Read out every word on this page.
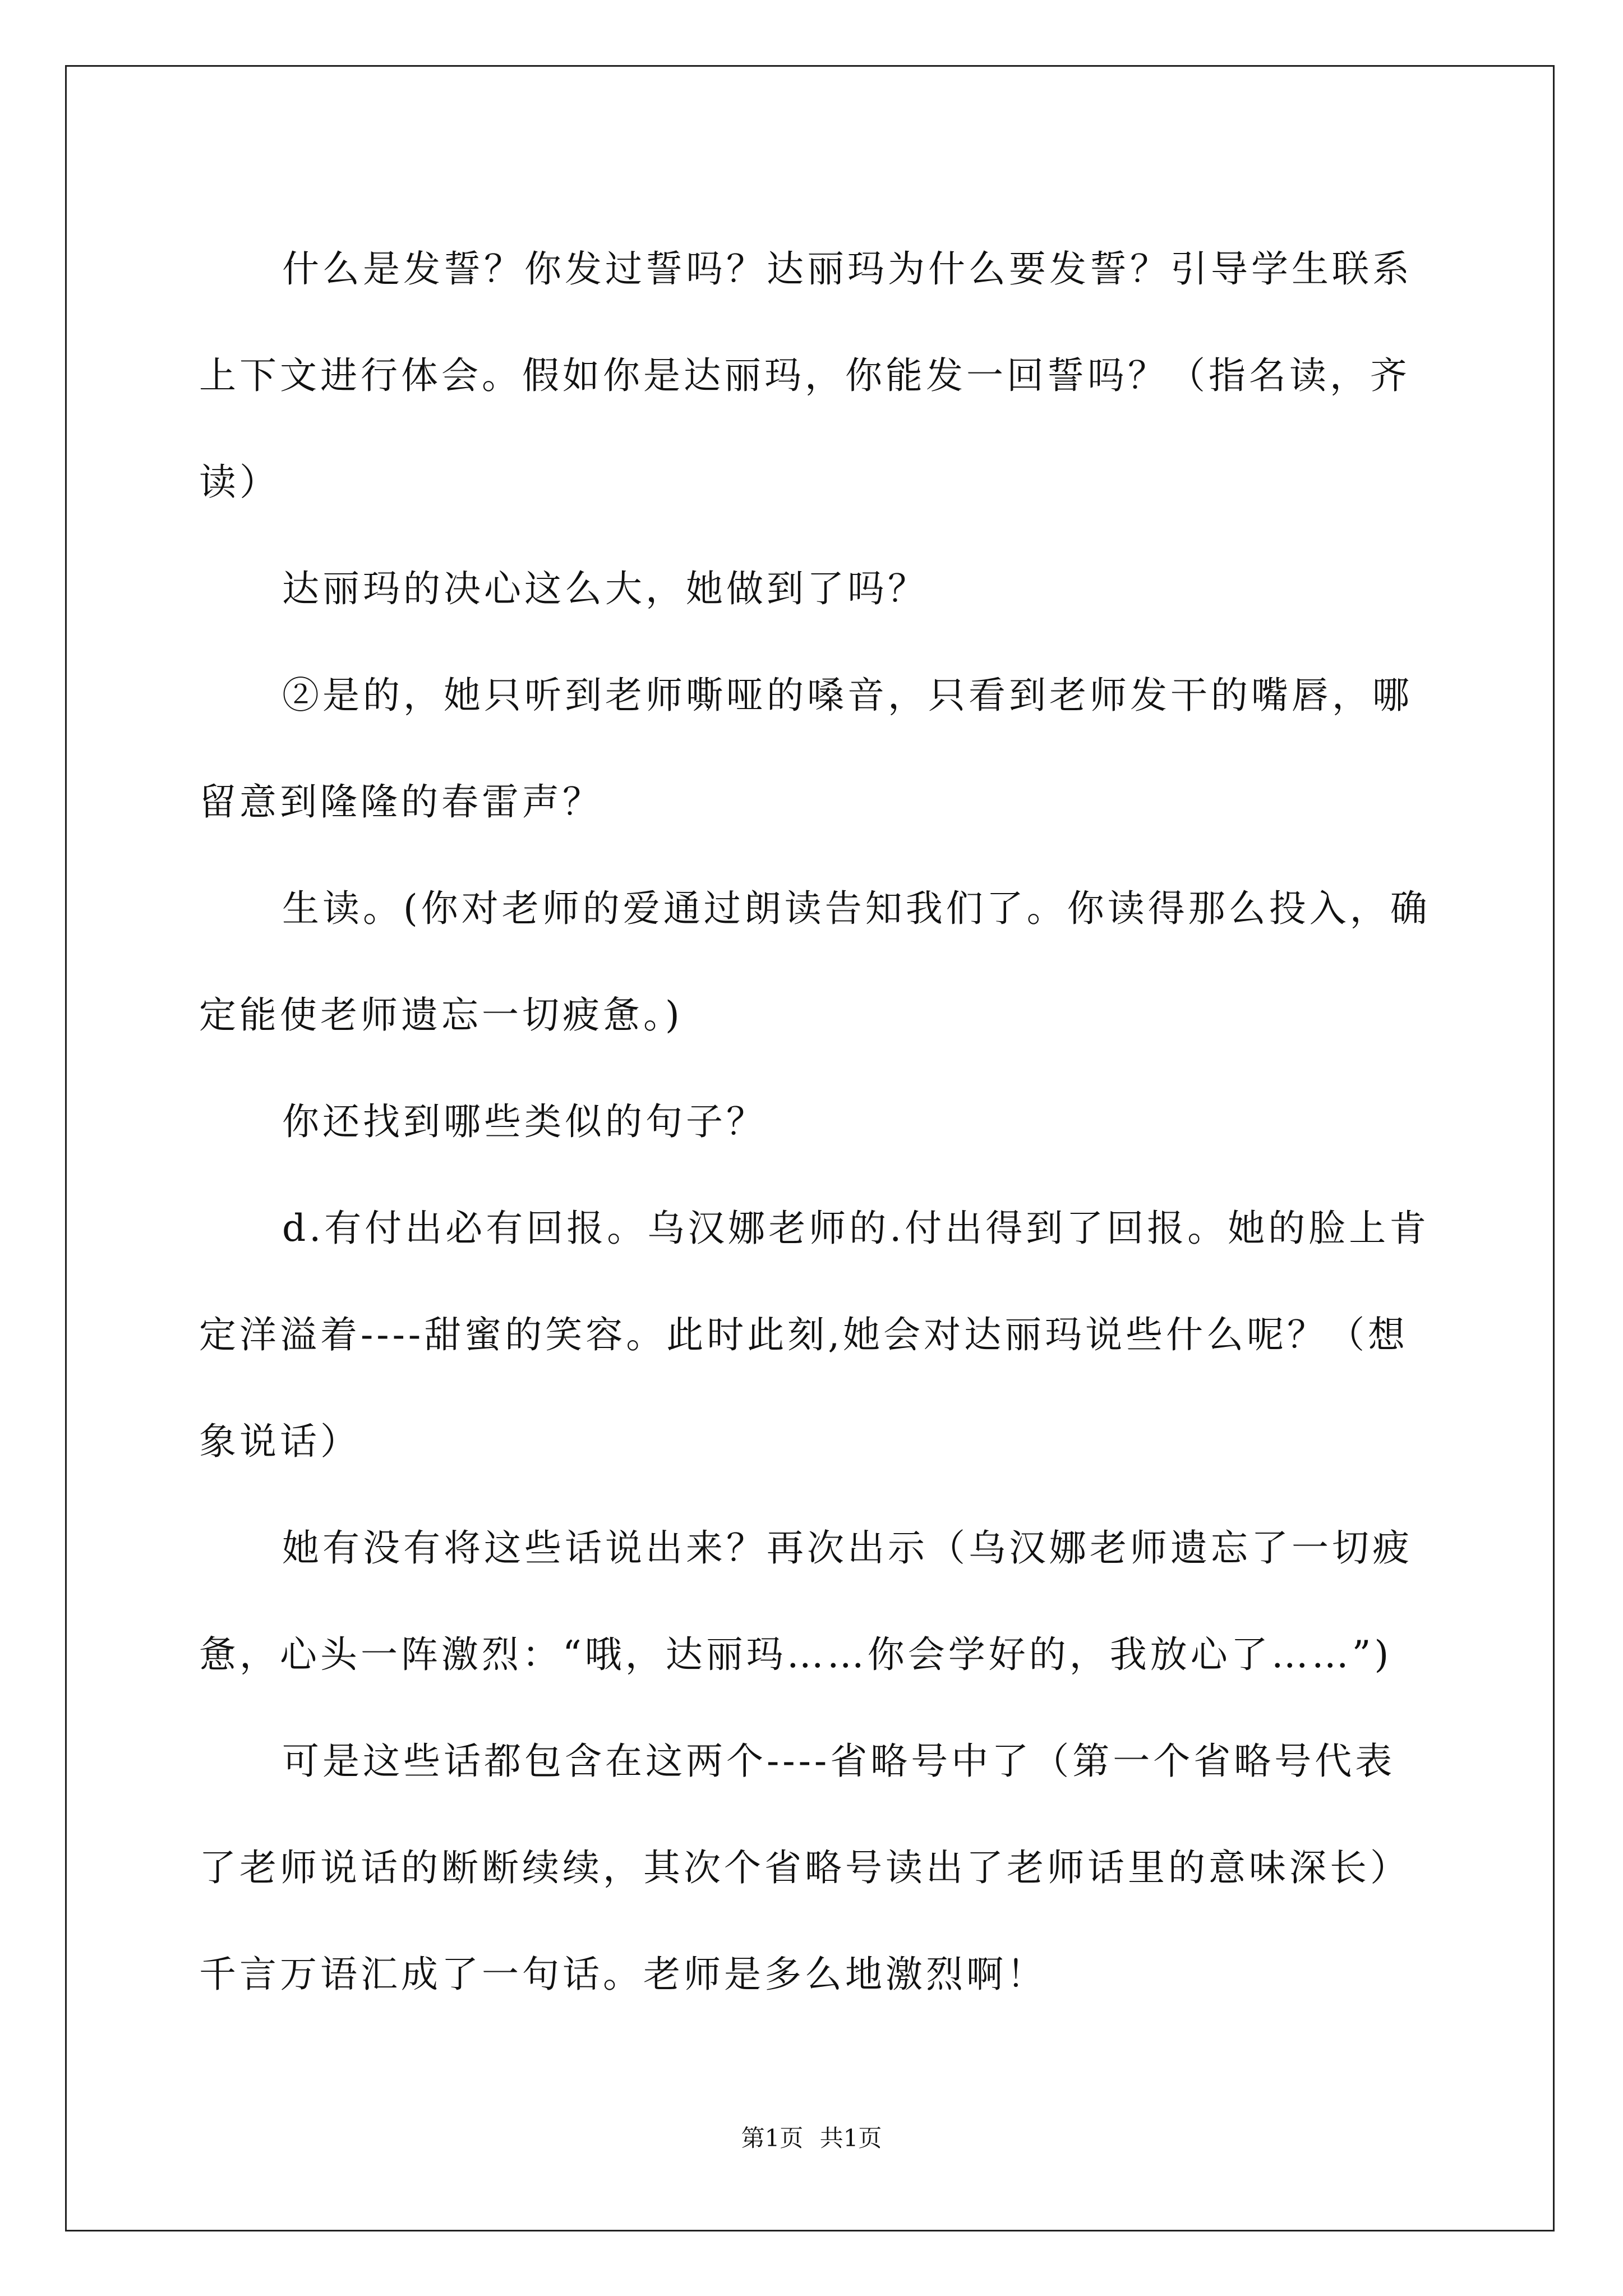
什么是发誓？你发过誓吗？达丽玛为什么要发誓？引导学生联系上下文进行体会。假如你是达丽玛，你能发一回誓吗？（指名读，齐读）

达丽玛的决心这么大，她做到了吗？

②是的，她只听到老师嘶哑的嗓音，只看到老师发干的嘴唇，哪留意到隆隆的春雷声？

生读。(你对老师的爱通过朗读告知我们了。你读得那么投入，确定能使老师遗忘一切疲惫。)

你还找到哪些类似的句子？

d.有付出必有回报。乌汉娜老师的.付出得到了回报。她的脸上肯定洋溢着----甜蜜的笑容。此时此刻,她会对达丽玛说些什么呢？（想象说话）

她有没有将这些话说出来？再次出示（乌汉娜老师遗忘了一切疲惫，心头一阵激烈：“哦，达丽玛……你会学好的，我放心了……”)

可是这些话都包含在这两个----省略号中了（第一个省略号代表了老师说话的断断续续，其次个省略号读出了老师话里的意味深长）

千言万语汇成了一句话。老师是多么地激烈啊！

第1页 共1页
